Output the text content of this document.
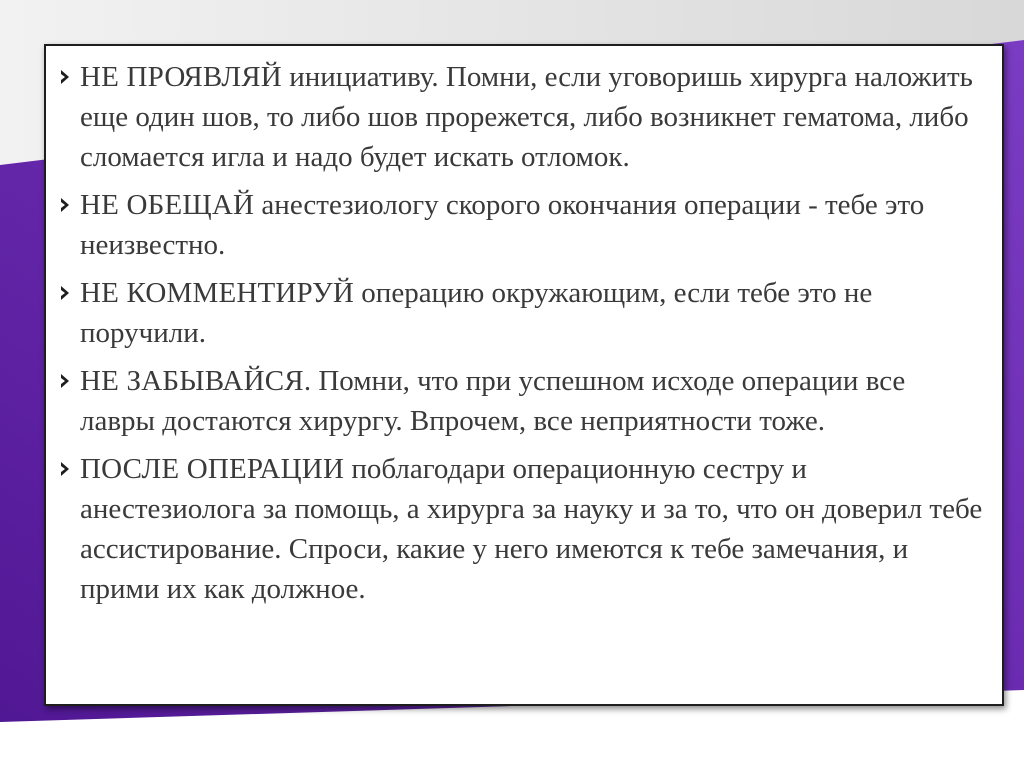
НЕ ПРОЯВЛЯЙ инициативу. Помни, если уговоришь хирурга наложить еще один шов, то либо шов прорежется, либо возникнет гематома, либо сломается игла и надо будет искать отломок.
НЕ ОБЕЩАЙ анестезиологу скорого окончания операции - тебе это неизвестно.
НЕ КОММЕНТИРУЙ операцию окружающим, если тебе это не поручили.
НЕ ЗАБЫВАЙСЯ. Помни, что при успешном исходе операции все лавры достаются хирургу. Впрочем, все неприятности тоже.
ПОСЛЕ ОПЕРАЦИИ поблагодари операционную сестру и анестезиолога за помощь, а хирурга за науку и за то, что он доверил тебе ассистирование. Спроси, какие у него имеются к тебе замечания, и прими их как должное.
